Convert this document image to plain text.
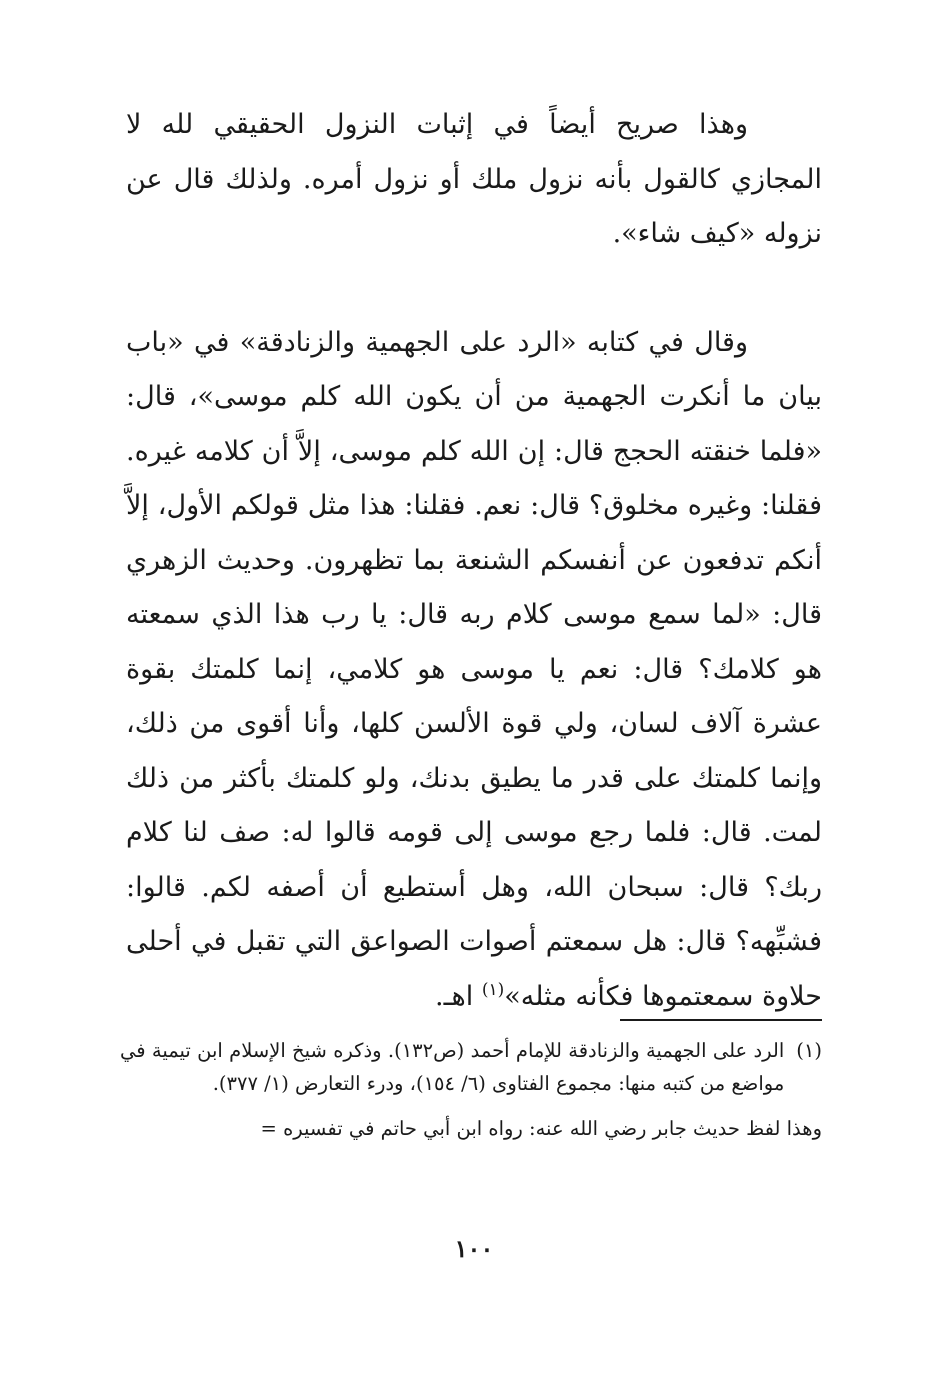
وهذا صريح أيضاً في إثبات النزول الحقيقي لله لا المجازي كالقول بأنه نزول ملك أو نزول أمره. ولذلك قال عن نزوله «كيف شاء».

وقال في كتابه «الرد على الجهمية والزنادقة» في «باب بيان ما أنكرت الجهمية من أن يكون الله كلم موسى»، قال: «فلما خنقته الحجج قال: إن الله كلم موسى، إلاَّ أن كلامه غيره. فقلنا: وغيره مخلوق؟ قال: نعم. فقلنا: هذا مثل قولكم الأول، إلاَّ أنكم تدفعون عن أنفسكم الشنعة بما تظهرون. وحديث الزهري قال: «لما سمع موسى كلام ربه قال: يا رب هذا الذي سمعته هو كلامك؟ قال: نعم يا موسى هو كلامي، إنما كلمتك بقوة عشرة آلاف لسان، ولي قوة الألسن كلها، وأنا أقوى من ذلك، وإنما كلمتك على قدر ما يطيق بدنك، ولو كلمتك بأكثر من ذلك لمت. قال: فلما رجع موسى إلى قومه قالوا له: صف لنا كلام ربك؟ قال: سبحان الله، وهل أستطيع أن أصفه لكم. قالوا: فشبِّهه؟ قال: هل سمعتم أصوات الصواعق التي تقبل في أحلى حلاوة سمعتموها فكأنه مثله»$^{(١)}$ اهـ.

(١)
الرد على الجهمية والزنادقة للإمام أحمد (ص١٣٢). وذكره شيخ الإسلام ابن تيمية في مواضع من كتبه منها: مجموع الفتاوى (٦/ ١٥٤)، ودرء التعارض (١/ ٣٧٧).

وهذا لفظ حديث جابر رضي الله عنه: رواه ابن أبي حاتم في تفسيره =

١٠٠
